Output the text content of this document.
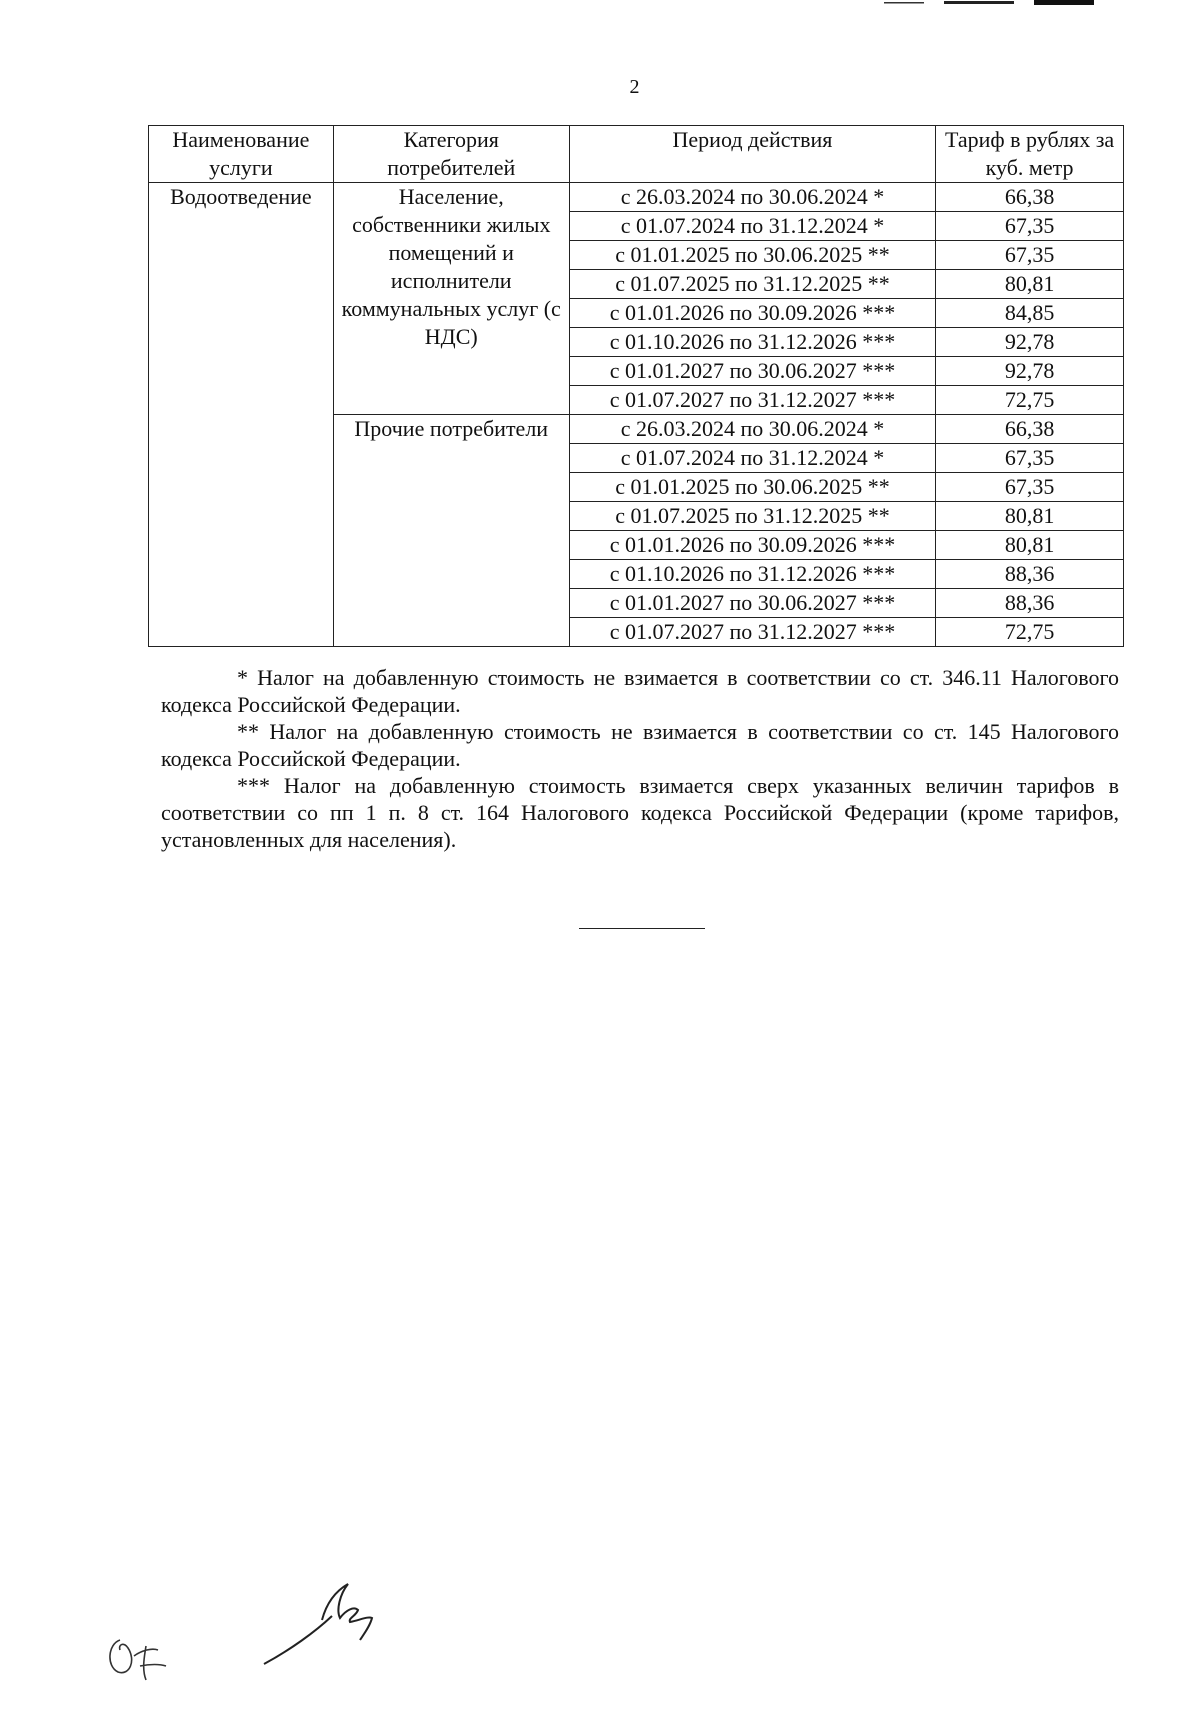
2
Наименование услуги	Категория потребителей	Период действия	Тариф в рублях за куб. метр
Водоотведение	Население, собственники жилых помещений и исполнители коммунальных услуг (с НДС)	с 26.03.2024 по 30.06.2024 *	66,38
		с 01.07.2024 по 31.12.2024 *	67,35
		с 01.01.2025 по 30.06.2025 **	67,35
		с 01.07.2025 по 31.12.2025 **	80,81
		с 01.01.2026 по 30.09.2026 ***	84,85
		с 01.10.2026 по 31.12.2026 ***	92,78
		с 01.01.2027 по 30.06.2027 ***	92,78
		с 01.07.2027 по 31.12.2027 ***	72,75
	Прочие потребители	с 26.03.2024 по 30.06.2024 *	66,38
		с 01.07.2024 по 31.12.2024 *	67,35
		с 01.01.2025 по 30.06.2025 **	67,35
		с 01.07.2025 по 31.12.2025 **	80,81
		с 01.01.2026 по 30.09.2026 ***	80,81
		с 01.10.2026 по 31.12.2026 ***	88,36
		с 01.01.2027 по 30.06.2027 ***	88,36
		с 01.07.2027 по 31.12.2027 ***	72,75

* Налог на добавленную стоимость не взимается в соответствии со ст. 346.11 Налогового кодекса Российской Федерации.

** Налог на добавленную стоимость не взимается в соответствии со ст. 145 Налогового кодекса Российской Федерации.

*** Налог на добавленную стоимость взимается сверх указанных величин тарифов в соответствии со пп 1 п. 8 ст. 164 Налогового кодекса Российской Федерации (кроме тарифов, установленных для населения).
